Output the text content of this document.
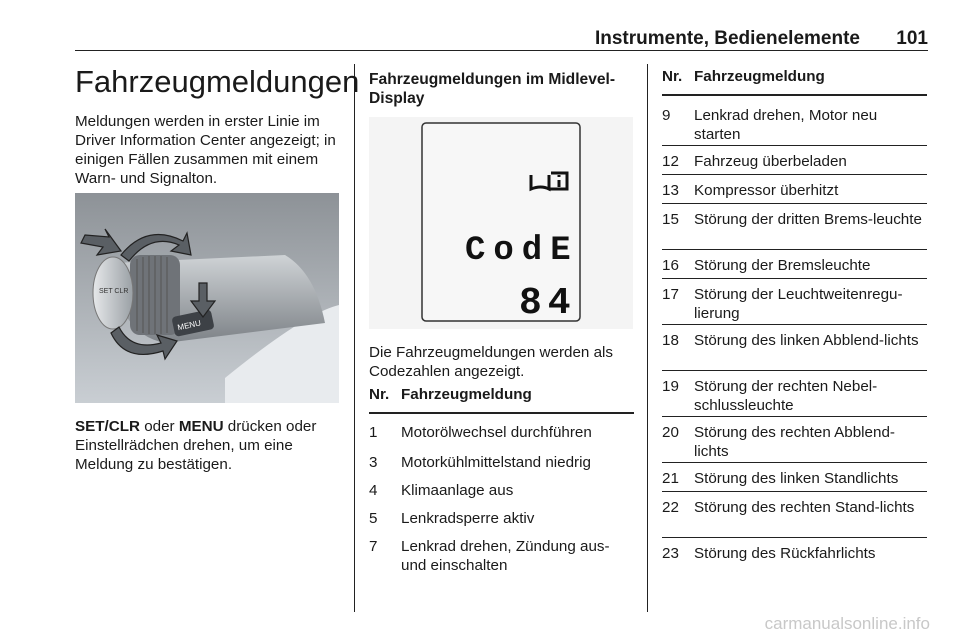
Instrumente, Bedienelemente	101
Fahrzeugmeldungen

Meldungen werden in erster Linie im Driver Information Center angezeigt; in einigen Fällen zusammen mit einem Warn- und Signalton.

SET CLR
MENU

SET/CLR oder MENU drücken oder Einstellrädchen drehen, um eine Meldung zu bestätigen.

Fahrzeugmeldungen im Midlevel-Display
CodE
84

Die Fahrzeugmeldungen werden als Codezahlen angezeigt.

Nr. Fahrzeugmeldung
1	Motorölwechsel durchführen
3	Motorkühlmittelstand niedrig
4	Klimaanlage aus
5	Lenkradsperre aktiv
7	Lenkrad drehen, Zündung aus- und einschalten
Nr. Fahrzeugmeldung
9	Lenkrad drehen, Motor neu starten
12 Fahrzeug überbeladen
13 Kompressor überhitzt
15 Störung der dritten Brems-leuchte
16 Störung der Bremsleuchte
17 Störung der Leuchtweitenregu-lierung
18 Störung des linken Abblend-lichts
19 Störung der rechten Nebel-schlussleuchte
20 Störung des rechten Abblend-lichts
21 Störung des linken Standlichts
22 Störung des rechten Stand-lichts
23 Störung des Rückfahrlichts
carmanualsonline.info
